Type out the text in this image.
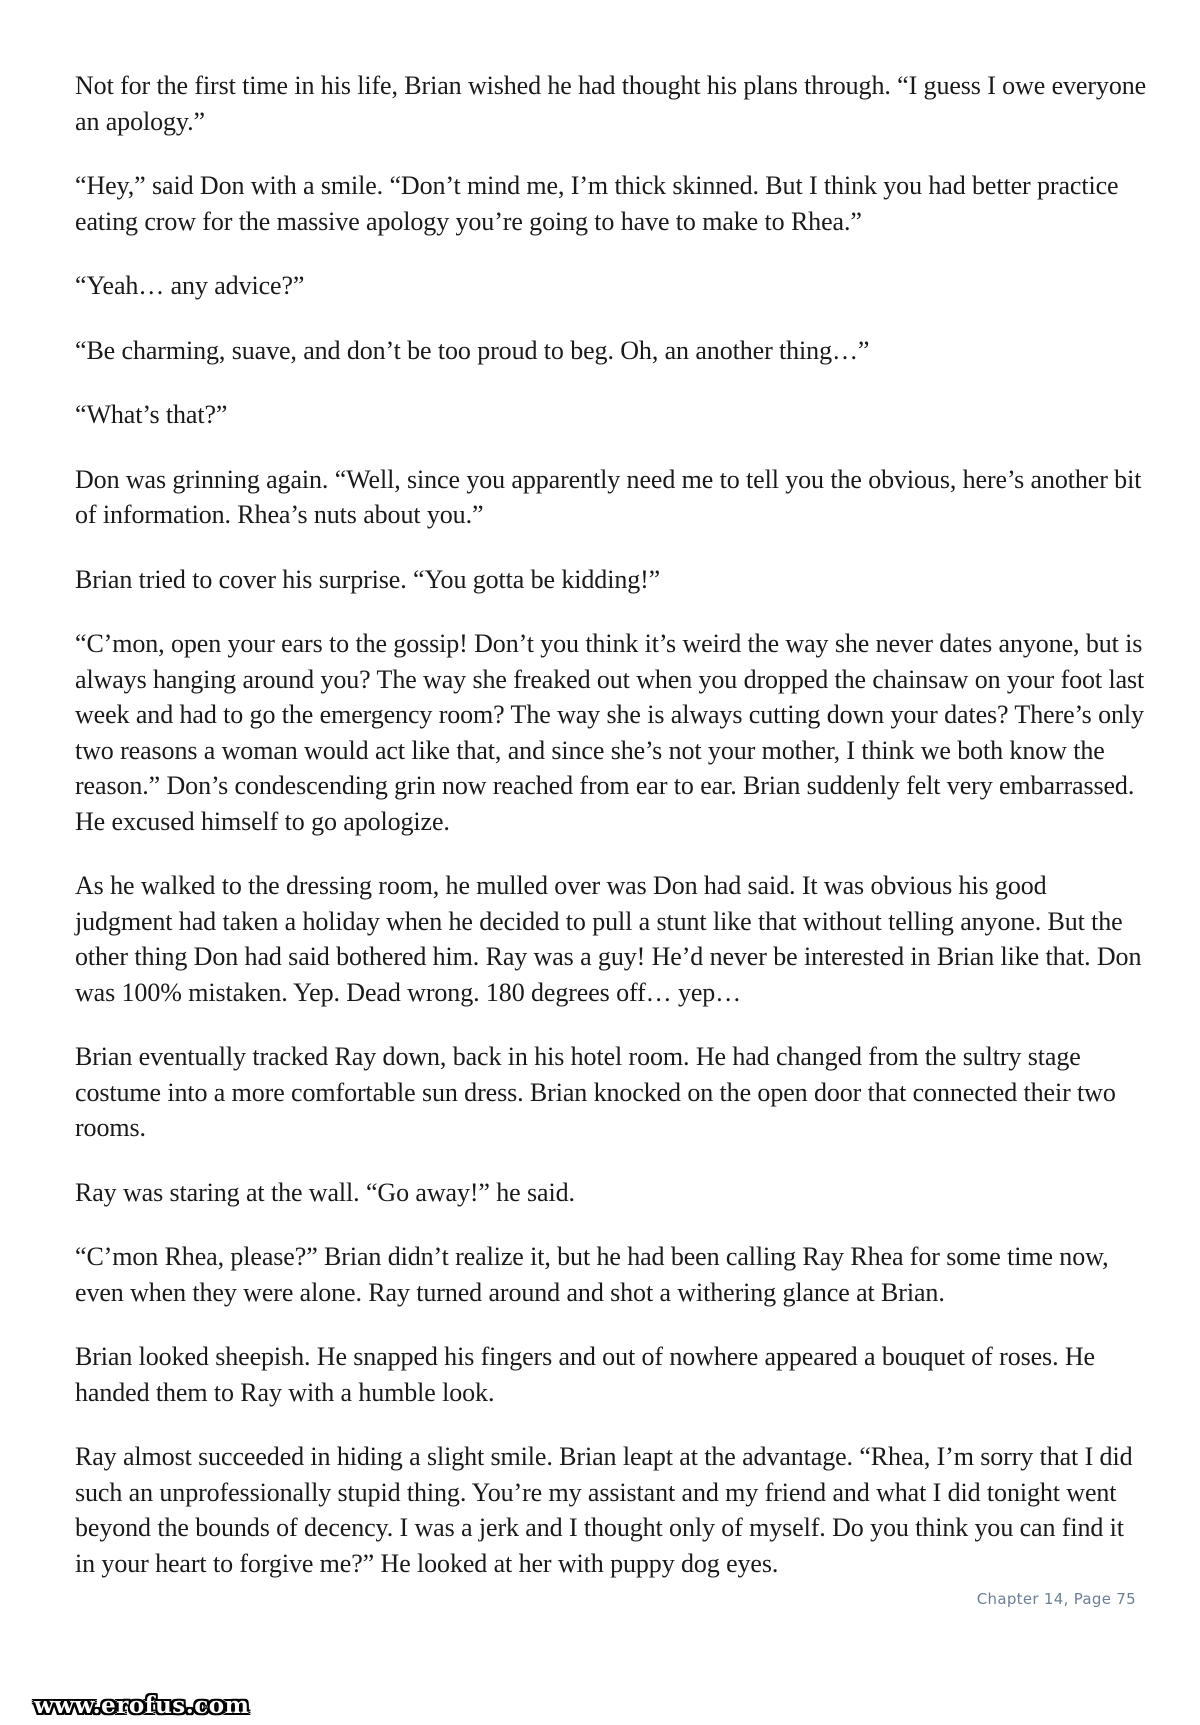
Not for the first time in his life, Brian wished he had thought his plans through. “I guess I owe everyone an apology.”

“Hey,” said Don with a smile. “Don’t mind me, I’m thick skinned. But I think you had better practice eating crow for the massive apology you’re going to have to make to Rhea.”

“Yeah… any advice?”

“Be charming, suave, and don’t be too proud to beg. Oh, an another thing…”

“What’s that?”

Don was grinning again. “Well, since you apparently need me to tell you the obvious, here’s another bit of information. Rhea’s nuts about you.”

Brian tried to cover his surprise. “You gotta be kidding!”

“C’mon, open your ears to the gossip! Don’t you think it’s weird the way she never dates anyone, but is always hanging around you? The way she freaked out when you dropped the chainsaw on your foot last week and had to go the emergency room? The way she is always cutting down your dates? There’s only two reasons a woman would act like that, and since she’s not your mother, I think we both know the reason.” Don’s condescending grin now reached from ear to ear. Brian suddenly felt very embarrassed. He excused himself to go apologize.

As he walked to the dressing room, he mulled over was Don had said. It was obvious his good judgment had taken a holiday when he decided to pull a stunt like that without telling anyone. But the other thing Don had said bothered him. Ray was a guy! He’d never be interested in Brian like that. Don was 100% mistaken. Yep. Dead wrong. 180 degrees off… yep…

Brian eventually tracked Ray down, back in his hotel room. He had changed from the sultry stage costume into a more comfortable sun dress. Brian knocked on the open door that connected their two rooms.

Ray was staring at the wall. “Go away!” he said.

“C’mon Rhea, please?” Brian didn’t realize it, but he had been calling Ray Rhea for some time now, even when they were alone. Ray turned around and shot a withering glance at Brian.

Brian looked sheepish. He snapped his fingers and out of nowhere appeared a bouquet of roses. He handed them to Ray with a humble look.

Ray almost succeeded in hiding a slight smile. Brian leapt at the advantage. “Rhea, I’m sorry that I did such an unprofessionally stupid thing. You’re my assistant and my friend and what I did tonight went beyond the bounds of decency. I was a jerk and I thought only of myself. Do you think you can find it in your heart to forgive me?” He looked at her with puppy dog eyes.

Chapter 14, Page 75
www.erofus.com
